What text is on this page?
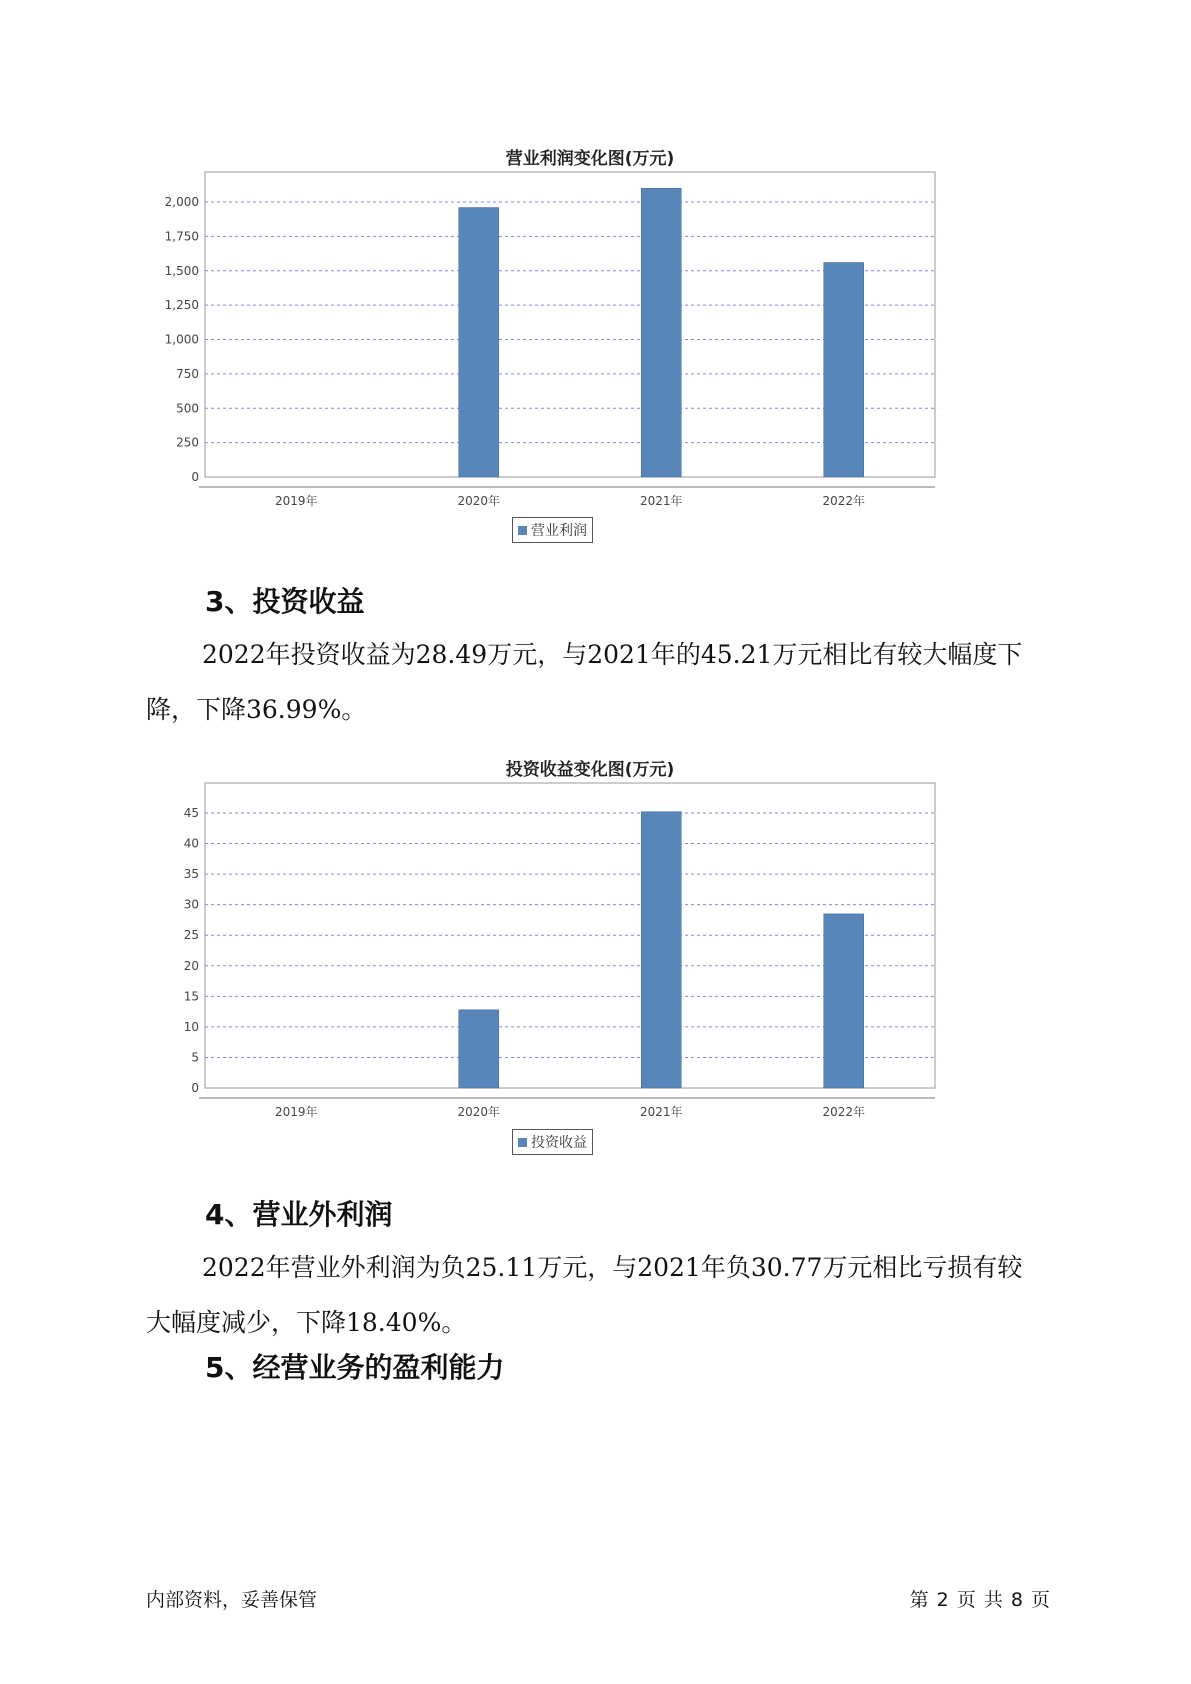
营业利润变化图(万元)
0
250
500
750
1,000
1,250
1,500
1,750
2,000
2019年	2020年	2021年	2022年
营业利润
3、投资收益

2022年投资收益为28.49万元，与2021年的45.21万元相比有较大幅度下降，下降36.99%。

投资收益变化图(万元)
0
5
10
15
20
25
30
35
40
45
2019年	2020年	2021年	2022年
投资收益
4、营业外利润

2022年营业外利润为负25.11万元，与2021年负30.77万元相比亏损有较大幅度减少，下降18.40%。

5、经营业务的盈利能力
内部资料，妥善保管	第 2 页 共 8 页
